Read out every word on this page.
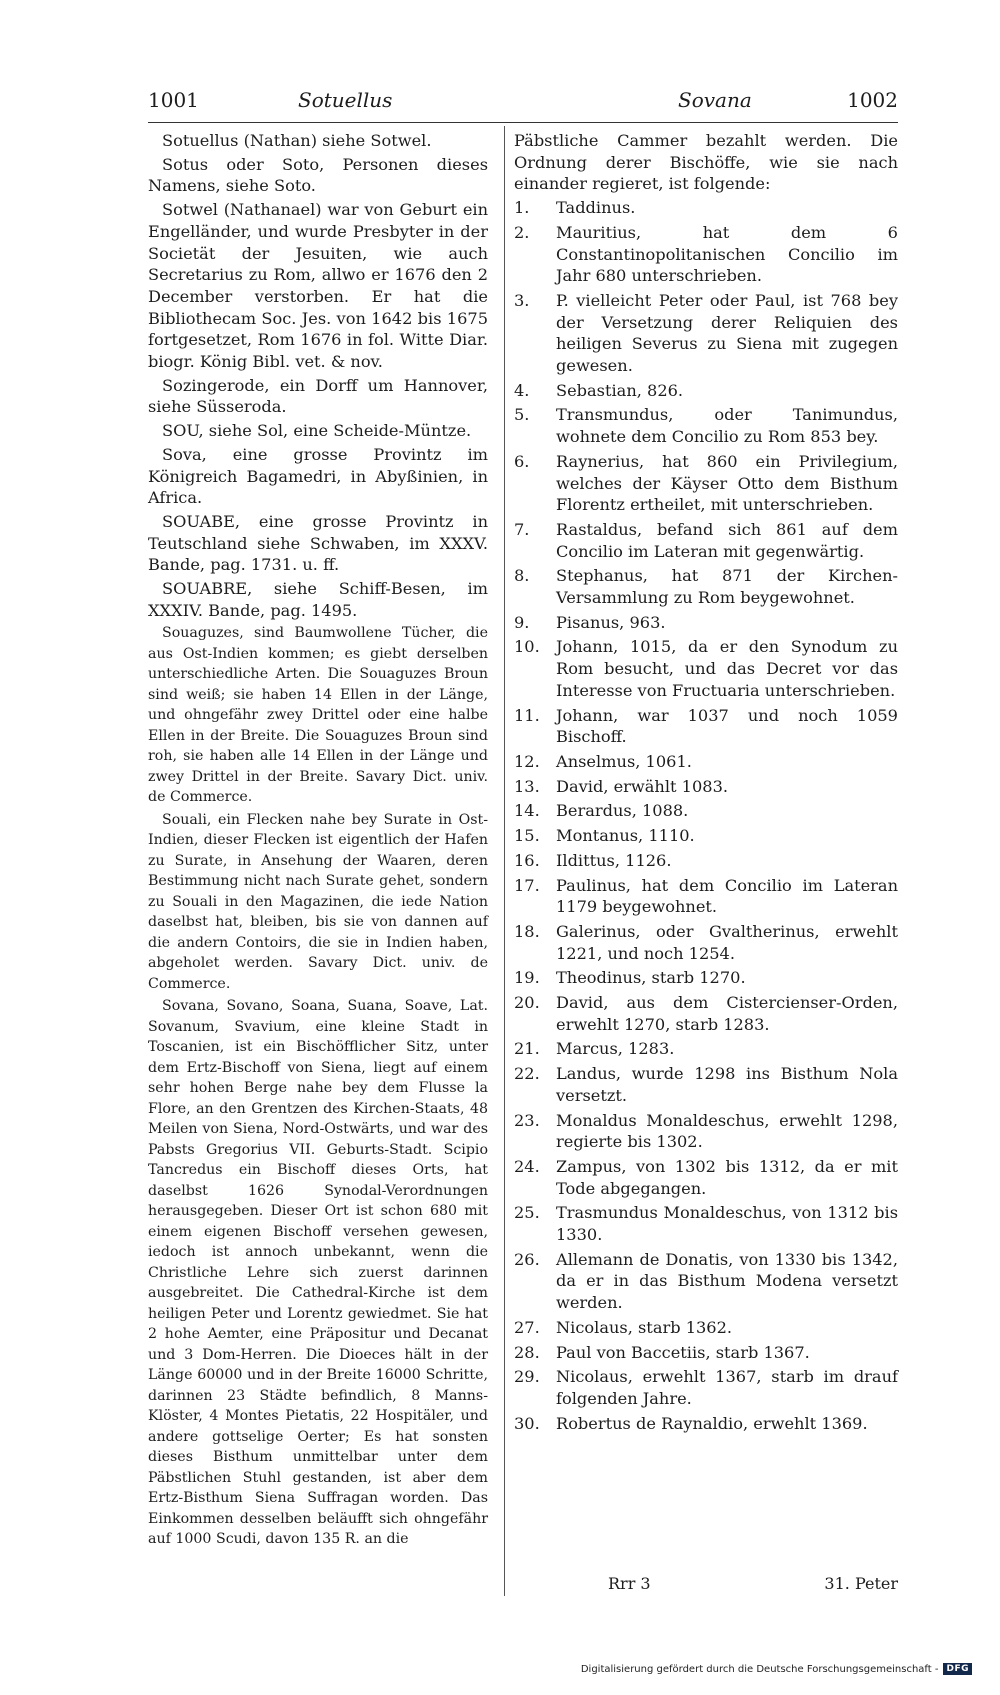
1001	Sotuellus	Sovana	1002

Sotuellus (Nathan) siehe Sotwel.

Sotus oder Soto, Personen dieses Namens, siehe Soto.

Sotwel (Nathanael) war von Geburt ein Engelländer, und wurde Presbyter in der Societät der Jesuiten, wie auch Secretarius zu Rom, allwo er 1676 den 2 December verstorben. Er hat die Bibliothecam Soc. Jes. von 1642 bis 1675 fortgesetzet, Rom 1676 in fol. Witte Diar. biogr. König Bibl. vet. & nov.

Sozingerode, ein Dorff um Hannover, siehe Süsseroda.

SOU, siehe Sol, eine Scheide-Müntze.

Sova, eine grosse Provintz im Königreich Bagamedri, in Abyßinien, in Africa.

SOUABE, eine grosse Provintz in Teutschland siehe Schwaben, im XXXV. Bande, pag. 1731. u. ff.

SOUABRE, siehe Schiff-Besen, im XXXIV. Bande, pag. 1495.

Souaguzes, sind Baumwollene Tücher, die aus Ost-Indien kommen; es giebt derselben unterschiedliche Arten. Die Souaguzes Broun sind weiß; sie haben 14 Ellen in der Länge, und ohngefähr zwey Drittel oder eine halbe Ellen in der Breite. Die Souaguzes Broun sind roh, sie haben alle 14 Ellen in der Länge und zwey Drittel in der Breite. Savary Dict. univ. de Commerce.

Souali, ein Flecken nahe bey Surate in Ost-Indien, dieser Flecken ist eigentlich der Hafen zu Surate, in Ansehung der Waaren, deren Bestimmung nicht nach Surate gehet, sondern zu Souali in den Magazinen, die iede Nation daselbst hat, bleiben, bis sie von dannen auf die andern Contoirs, die sie in Indien haben, abgeholet werden. Savary Dict. univ. de Commerce.

Sovana, Sovano, Soana, Suana, Soave, Lat. Sovanum, Svavium, eine kleine Stadt in Toscanien, ist ein Bischöfflicher Sitz, unter dem Ertz-Bischoff von Siena, liegt auf einem sehr hohen Berge nahe bey dem Flusse la Flore, an den Grentzen des Kirchen-Staats, 48 Meilen von Siena, Nord-Ostwärts, und war des Pabsts Gregorius VII. Geburts-Stadt. Scipio Tancredus ein Bischoff dieses Orts, hat daselbst 1626 Synodal-Verordnungen herausgegeben. Dieser Ort ist schon 680 mit einem eigenen Bischoff versehen gewesen, iedoch ist annoch unbekannt, wenn die Christliche Lehre sich zuerst darinnen ausgebreitet. Die Cathedral-Kirche ist dem heiligen Peter und Lorentz gewiedmet. Sie hat 2 hohe Aemter, eine Präpositur und Decanat und 3 Dom-Herren. Die Dioeces hält in der Länge 60000 und in der Breite 16000 Schritte, darinnen 23 Städte befindlich, 8 Manns-Klöster, 4 Montes Pietatis, 22 Hospitäler, und andere gottselige Oerter; Es hat sonsten dieses Bisthum unmittelbar unter dem Päbstlichen Stuhl gestanden, ist aber dem Ertz-Bisthum Siena Suffragan worden. Das Einkommen desselben beläufft sich ohngefähr auf 1000 Scudi, davon 135 R. an die

Päbstliche Cammer bezahlt werden. Die Ordnung derer Bischöffe, wie sie nach einander regieret, ist folgende:

1.	Taddinus.
2.	Mauritius, hat dem 6 Constantinopolitanischen Concilio im Jahr 680 unterschrieben.
3.	P. vielleicht Peter oder Paul, ist 768 bey der Versetzung derer Reliquien des heiligen Severus zu Siena mit zugegen gewesen.
4.	Sebastian, 826.
5.	Transmundus, oder Tanimundus, wohnete dem Concilio zu Rom 853 bey.
6.	Raynerius, hat 860 ein Privilegium, welches der Käyser Otto dem Bisthum Florentz ertheilet, mit unterschrieben.
7.	Rastaldus, befand sich 861 auf dem Concilio im Lateran mit gegenwärtig.
8.	Stephanus, hat 871 der Kirchen-Versammlung zu Rom beygewohnet.
9.	Pisanus, 963.
10.	Johann, 1015, da er den Synodum zu Rom besucht, und das Decret vor das Interesse von Fructuaria unterschrieben.
11.	Johann, war 1037 und noch 1059 Bischoff.
12.	Anselmus, 1061.
13.	David, erwählt 1083.
14.	Berardus, 1088.
15.	Montanus, 1110.
16.	Ildittus, 1126.
17.	Paulinus, hat dem Concilio im Lateran 1179 beygewohnet.
18.	Galerinus, oder Gvaltherinus, erwehlt 1221, und noch 1254.
19.	Theodinus, starb 1270.
20.	David, aus dem Cistercienser-Orden, erwehlt 1270, starb 1283.
21.	Marcus, 1283.
22.	Landus, wurde 1298 ins Bisthum Nola versetzt.
23.	Monaldus Monaldeschus, erwehlt 1298, regierte bis 1302.
24.	Zampus, von 1302 bis 1312, da er mit Tode abgegangen.
25.	Trasmundus Monaldeschus, von 1312 bis 1330.
26.	Allemann de Donatis, von 1330 bis 1342, da er in das Bisthum Modena versetzt werden.
27.	Nicolaus, starb 1362.
28.	Paul von Baccetiis, starb 1367.
29.	Nicolaus, erwehlt 1367, starb im drauf folgenden Jahre.
30.	Robertus de Raynaldio, erwehlt 1369.
Rrr 3	31. Peter
Digitalisierung gefördert durch die Deutsche Forschungsgemeinschaft - DFG
